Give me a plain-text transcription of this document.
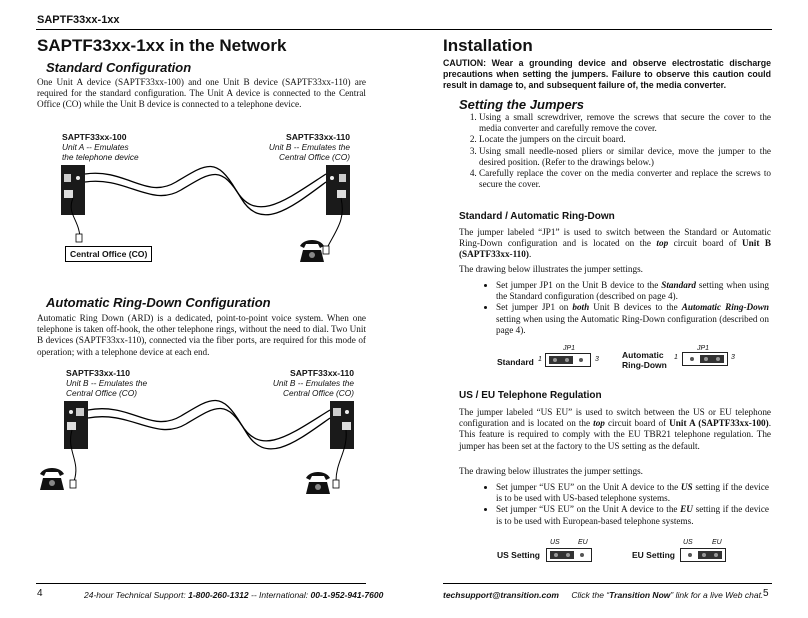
SAPTF33xx-1xx
SAPTF33xx-1xx in the Network
Standard Configuration

One Unit A device (SAPTF33xx-100) and one Unit B device (SAPTF33xx-110) are required for the standard configuration. The Unit A device is connected to the Central Office (CO) while the Unit B device is connected to a telephone device.

SAPTF33xx-100
Unit A -- Emulates
the telephone device
SAPTF33xx-110
Unit B -- Emulates the
Central Office (CO)
Central Office (CO)
Automatic Ring-Down Configuration

Automatic Ring Down (ARD) is a dedicated, point-to-point voice system. When one telephone is taken off-hook, the other telephone rings, without the need to dial. Two Unit B devices (SAPTF33xx-110), connected via the fiber ports, are required for this mode of operation; with a telephone device at each end.

SAPTF33xx-110
Unit B -- Emulates the
Central Office (CO)
SAPTF33xx-110
Unit B -- Emulates the
Central Office (CO)
4	24-hour Technical Support: 1-800-260-1312 -- International: 00-1-952-941-7600
Installation

CAUTION: Wear a grounding device and observe electrostatic discharge precautions when setting the jumpers. Failure to observe this caution could result in damage to, and subsequent failure of, the media converter.

Setting the Jumpers
1. Using a small screwdriver, remove the screws that secure the cover to the media converter and carefully remove the cover.
2. Locate the jumpers on the circuit board.
3. Using small needle-nosed pliers or similar device, move the jumper to the desired position. (Refer to the drawings below.)
4. Carefully replace the cover on the media converter and replace the screws to secure the cover.
Standard / Automatic Ring-Down

The jumper labeled “JP1” is used to switch between the Standard or Automatic Ring-Down configuration and is located on the top circuit board of Unit B (SAPTF33xx-110).

The drawing below illustrates the jumper settings.

• Set jumper JP1 on the Unit B device to the Standard setting when using the Standard configuration (described on page 4).
• Set jumper JP1 on both Unit B devices to the Automatic Ring-Down setting when using the Automatic Ring-Down configuration (described on page 4).
Standard 1
JP1
3	Automatic
Ring-Down
1
JP1
3
US / EU Telephone Regulation

The jumper labeled “US EU” is used to switch between the US or EU telephone configuration and is located on the top circuit board of Unit A (SAPTF33xx-100). This feature is required to comply with the EU TBR21 telephone regulation. The jumper has been set at the factory to the US setting as the default.

The drawing below illustrates the jumper settings.

• Set jumper “US EU” on the Unit A device to the US setting if the device is to be used with US-based telephone systems.
• Set jumper “US EU” on the Unit A device to the EU setting if the device is to be used with European-based telephone systems.
US Setting
US	EU
EU Setting
US	EU
techsupport@transition.com Click the “Transition Now” link for a live Web chat. 5
